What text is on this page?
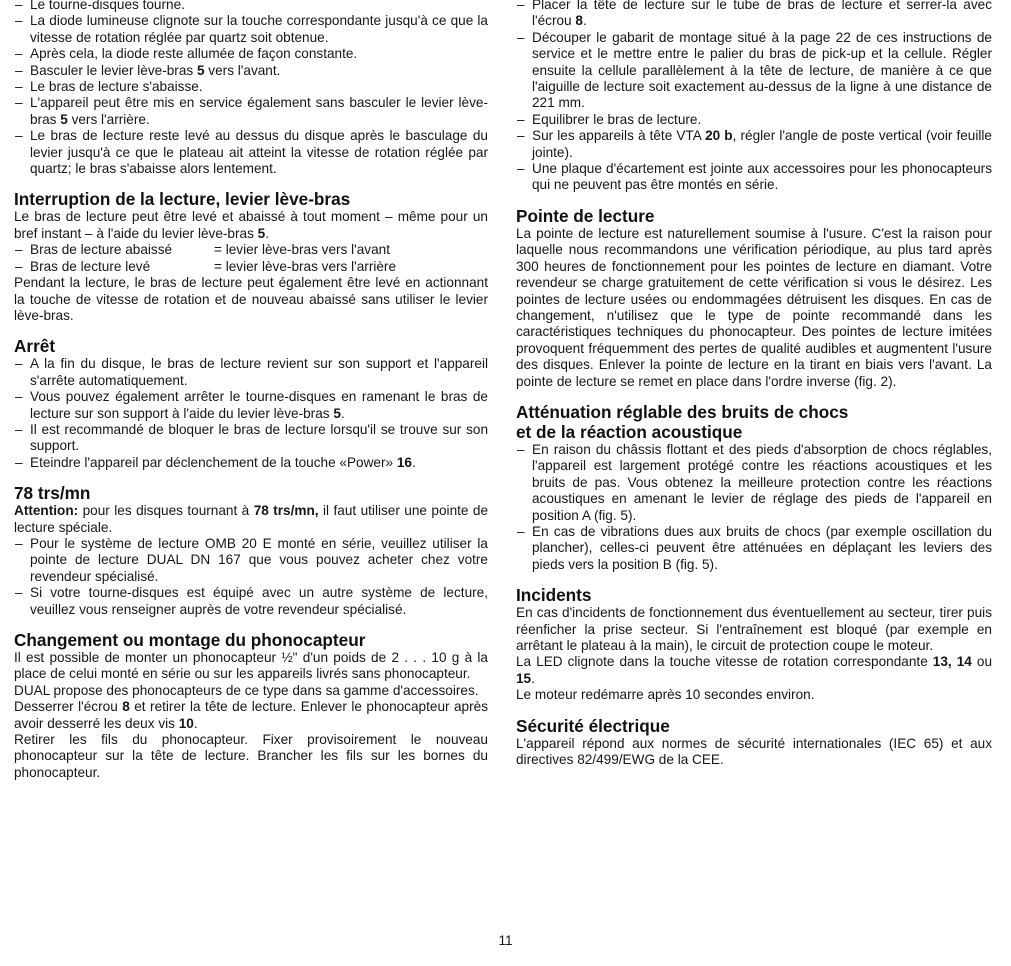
– Le tourne-disques tourne.
– La diode lumineuse clignote sur la touche correspondante jusqu'à ce que la vitesse de rotation réglée par quartz soit obtenue.
– Après cela, la diode reste allumée de façon constante.
– Basculer le levier lève-bras 5 vers l'avant.
– Le bras de lecture s'abaisse.
– L'appareil peut être mis en service également sans basculer le levier lève-bras 5 vers l'arrière.
– Le bras de lecture reste levé au dessus du disque après le basculage du levier jusqu'à ce que le plateau ait atteint la vitesse de rotation réglée par quartz; le bras s'abaisse alors lentement.
Interruption de la lecture, levier lève-bras

Le bras de lecture peut être levé et abaissé à tout moment – même pour un bref instant – à l'aide du levier lève-bras 5.

– Bras de lecture abaissé	= levier lève-bras vers l'avant
– Bras de lecture levé	= levier lève-bras vers l'arrière

Pendant la lecture, le bras de lecture peut également être levé en actionnant la touche de vitesse de rotation et de nouveau abaissé sans utiliser le levier lève-bras.

Arrêt
– A la fin du disque, le bras de lecture revient sur son support et l'appareil s'arrête automatiquement.
– Vous pouvez également arrêter le tourne-disques en ramenant le bras de lecture sur son support à l'aide du levier lève-bras 5.
– Il est recommandé de bloquer le bras de lecture lorsqu'il se trouve sur son support.
– Eteindre l'appareil par déclenchement de la touche «Power» 16.
78 trs/mn

Attention: pour les disques tournant à 78 trs/mn, il faut utiliser une pointe de lecture spéciale.

– Pour le système de lecture OMB 20 E monté en série, veuillez utiliser la pointe de lecture DUAL DN 167 que vous pouvez acheter chez votre revendeur spécialisé.
– Si votre tourne-disques est équipé avec un autre système de lecture, veuillez vous renseigner auprès de votre revendeur spécialisé.
Changement ou montage du phonocapteur

Il est possible de monter un phonocapteur ½" d'un poids de 2 . . . 10 g à la place de celui monté en série ou sur les appareils livrés sans phonocapteur.

DUAL propose des phonocapteurs de ce type dans sa gamme d'accessoires.

Desserrer l'écrou 8 et retirer la tête de lecture. Enlever le phonocapteur après avoir desserré les deux vis 10.

Retirer les fils du phonocapteur. Fixer provisoirement le nouveau phonocapteur sur la tête de lecture. Brancher les fils sur les bornes du phonocapteur.

– Placer la tête de lecture sur le tube de bras de lecture et serrer-la avec l'écrou 8.
– Découper le gabarit de montage situé à la page 22 de ces instructions de service et le mettre entre le palier du bras de pick-up et la cellule. Régler ensuite la cellule parallèlement à la tête de lecture, de manière à ce que l'aiguille de lecture soit exactement au-dessus de la ligne à une distance de 221 mm.
– Equilibrer le bras de lecture.
– Sur les appareils à tête VTA 20 b, régler l'angle de poste vertical (voir feuille jointe).
– Une plaque d'écartement est jointe aux accessoires pour les phonocapteurs qui ne peuvent pas être montés en série.
Pointe de lecture

La pointe de lecture est naturellement soumise à l'usure. C'est la raison pour laquelle nous recommandons une vérification périodique, au plus tard après 300 heures de fonctionnement pour les pointes de lecture en diamant. Votre revendeur se charge gratuitement de cette vérification si vous le désirez. Les pointes de lecture usées ou endommagées détruisent les disques. En cas de changement, n'utilisez que le type de pointe recommandé dans les caractéristiques techniques du phonocapteur. Des pointes de lecture imitées provoquent fréquemment des pertes de qualité audibles et augmentent l'usure des disques. Enlever la pointe de lecture en la tirant en biais vers l'avant. La pointe de lecture se remet en place dans l'ordre inverse (fig. 2).

Atténuation réglable des bruits de chocs
et de la réaction acoustique
– En raison du châssis flottant et des pieds d'absorption de chocs réglables, l'appareil est largement protégé contre les réactions acoustiques et les bruits de pas. Vous obtenez la meilleure protection contre les réactions acoustiques en amenant le levier de réglage des pieds de l'appareil en position A (fig. 5).
– En cas de vibrations dues aux bruits de chocs (par exemple oscillation du plancher), celles-ci peuvent être atténuées en déplaçant les leviers des pieds vers la position B (fig. 5).
Incidents

En cas d'incidents de fonctionnement dus éventuellement au secteur, tirer puis réenficher la prise secteur. Si l'entraînement est bloqué (par exemple en arrêtant le plateau à la main), le circuit de protection coupe le moteur.

La LED clignote dans la touche vitesse de rotation correspondante 13, 14 ou 15.

Le moteur redémarre après 10 secondes environ.

Sécurité électrique

L'appareil répond aux normes de sécurité internationales (IEC 65) et aux directives 82/499/EWG de la CEE.

11
